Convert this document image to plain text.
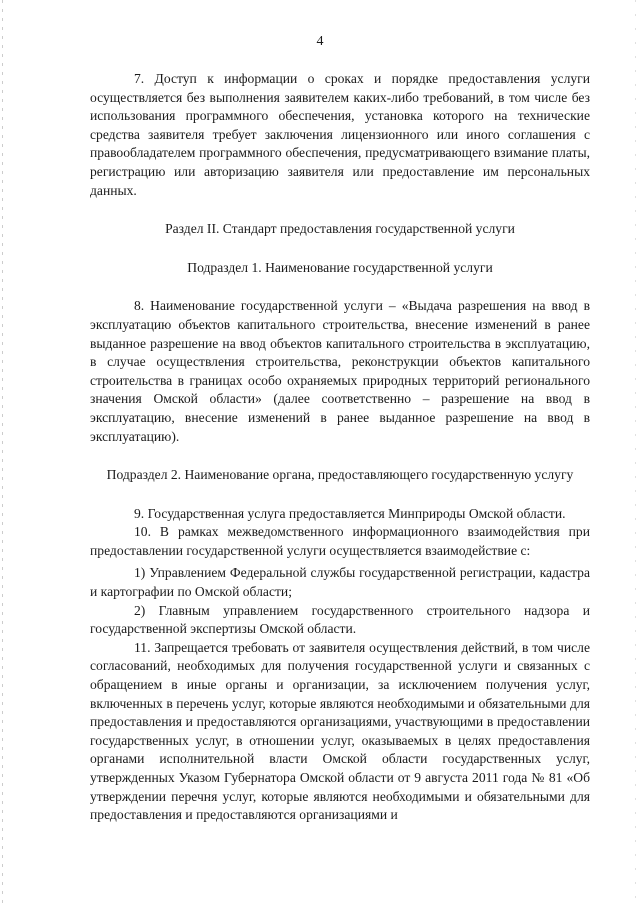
4

7. Доступ к информации о сроках и порядке предоставления услуги осуществляется без выполнения заявителем каких-либо требований, в том числе без использования программного обеспечения, установка которого на технические средства заявителя требует заключения лицензионного или иного соглашения с правообладателем программного обеспечения, предусматривающего взимание платы, регистрацию или авторизацию заявителя или предоставление им персональных данных.

Раздел II. Стандарт предоставления государственной услуги

Подраздел 1. Наименование государственной услуги

8. Наименование государственной услуги – «Выдача разрешения на ввод в эксплуатацию объектов капитального строительства, внесение изменений в ранее выданное разрешение на ввод объектов капитального строительства в эксплуатацию, в случае осуществления строительства, реконструкции объектов капитального строительства в границах особо охраняемых природных территорий регионального значения Омской области» (далее соответственно – разрешение на ввод в эксплуатацию, внесение изменений в ранее выданное разрешение на ввод в эксплуатацию).

Подраздел 2. Наименование органа, предоставляющего государственную услугу

9. Государственная услуга предоставляется Минприроды Омской области.

10. В рамках межведомственного информационного взаимодействия при предоставлении государственной услуги осуществляется взаимодействие с:

1) Управлением Федеральной службы государственной регистрации, кадастра и картографии по Омской области;

2) Главным управлением государственного строительного надзора и государственной экспертизы Омской области.

11. Запрещается требовать от заявителя осуществления действий, в том числе согласований, необходимых для получения государственной услуги и связанных с обращением в иные органы и организации, за исключением получения услуг, включенных в перечень услуг, которые являются необходимыми и обязательными для предоставления и предоставляются организациями, участвующими в предоставлении государственных услуг, в отношении услуг, оказываемых в целях предоставления органами исполнительной власти Омской области государственных услуг, утвержденных Указом Губернатора Омской области от 9 августа 2011 года № 81 «Об утверждении перечня услуг, которые являются необходимыми и обязательными для предоставления и предоставляются организациями и
